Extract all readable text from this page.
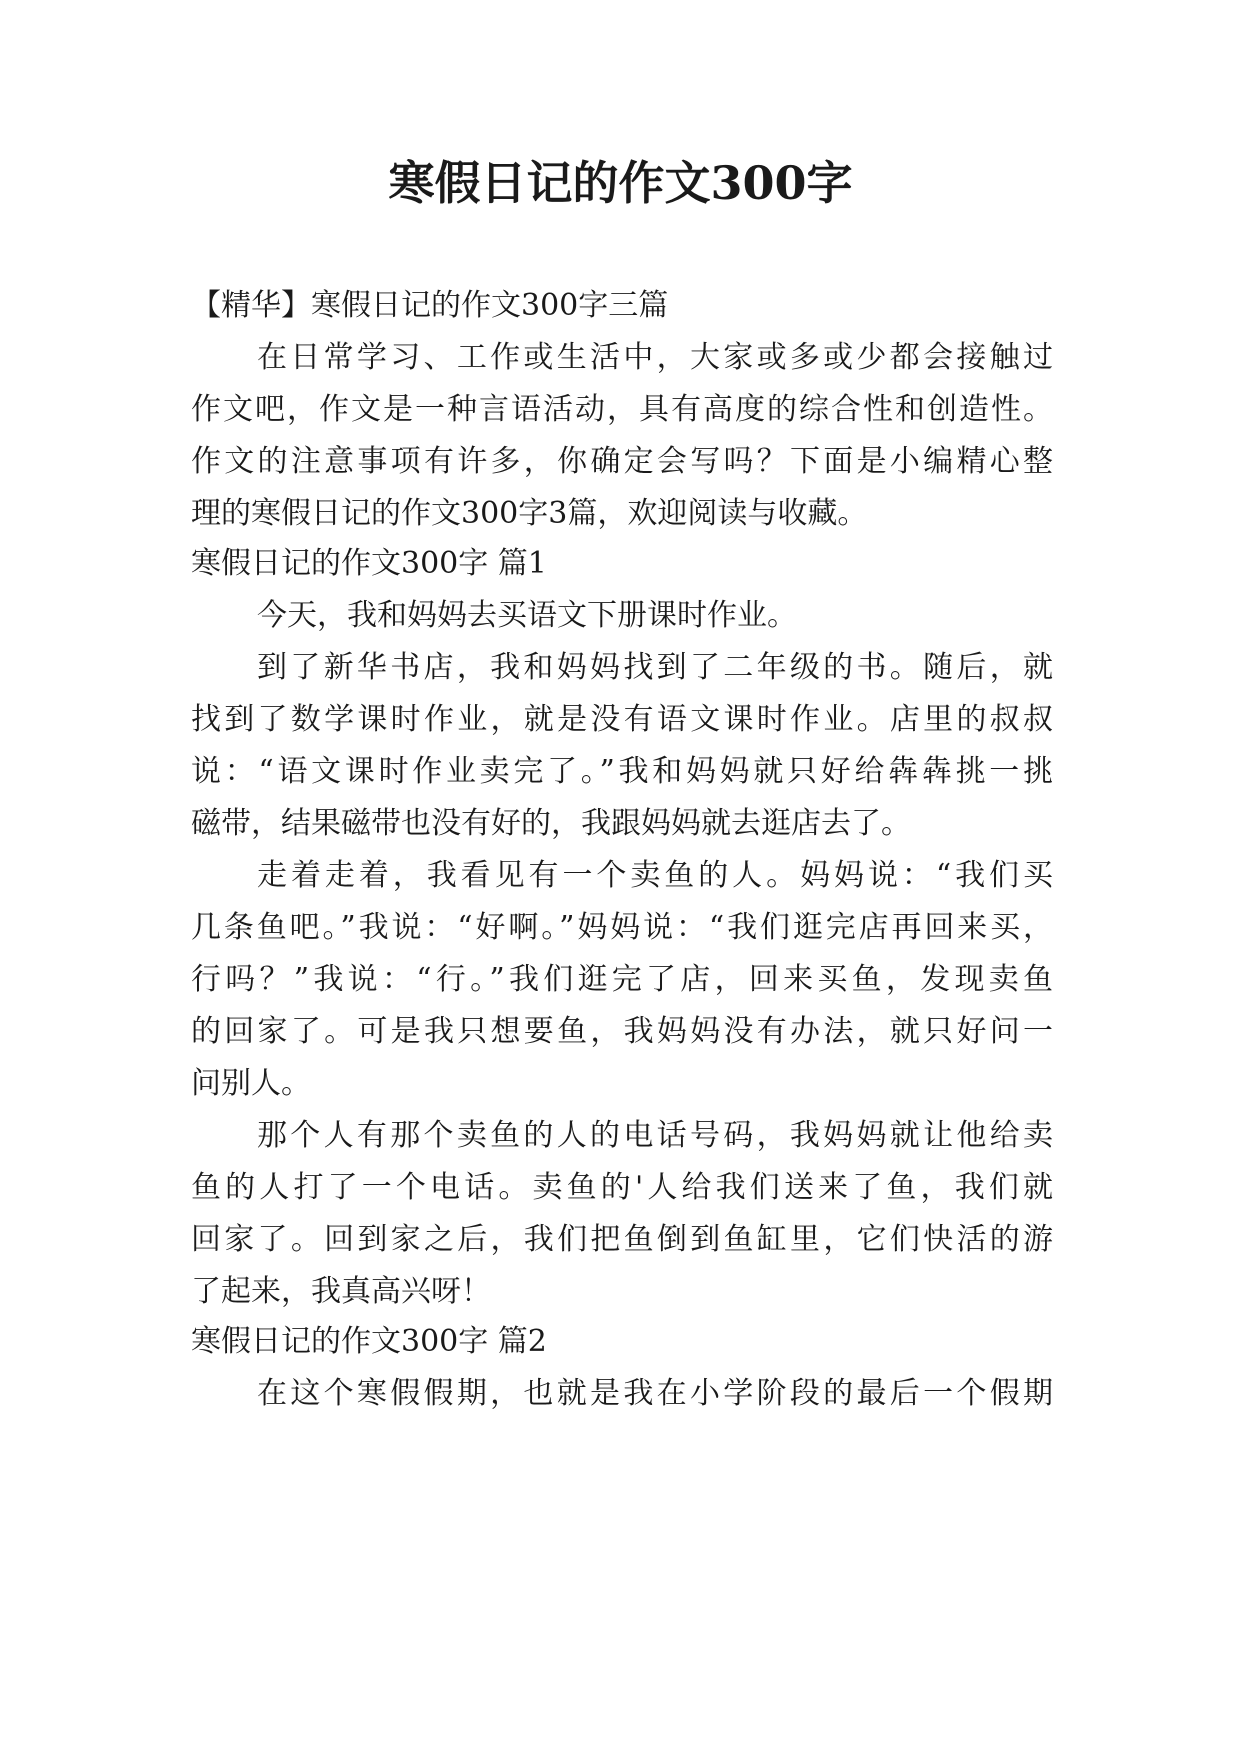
寒假日记的作文300字

【精华】寒假日记的作文300字三篇

在日常学习、工作或生活中，大家或多或少都会接触过

作文吧，作文是一种言语活动，具有高度的综合性和创造性。

作文的注意事项有许多，你确定会写吗？下面是小编精心整

理的寒假日记的作文300字3篇，欢迎阅读与收藏。

寒假日记的作文300字 篇1

今天，我和妈妈去买语文下册课时作业。

到了新华书店，我和妈妈找到了二年级的书。随后，就

找到了数学课时作业，就是没有语文课时作业。店里的叔叔

说：“语文课时作业卖完了。”我和妈妈就只好给犇犇挑一挑

磁带，结果磁带也没有好的，我跟妈妈就去逛店去了。

走着走着，我看见有一个卖鱼的人。妈妈说：“我们买

几条鱼吧。”我说：“好啊。”妈妈说：“我们逛完店再回来买，

行吗？”我说：“行。”我们逛完了店，回来买鱼，发现卖鱼

的回家了。可是我只想要鱼，我妈妈没有办法，就只好问一

问别人。

那个人有那个卖鱼的人的电话号码，我妈妈就让他给卖

鱼的人打了一个电话。卖鱼的'人给我们送来了鱼，我们就

回家了。回到家之后，我们把鱼倒到鱼缸里，它们快活的游

了起来，我真高兴呀！

寒假日记的作文300字 篇2

在这个寒假假期，也就是我在小学阶段的最后一个假期
